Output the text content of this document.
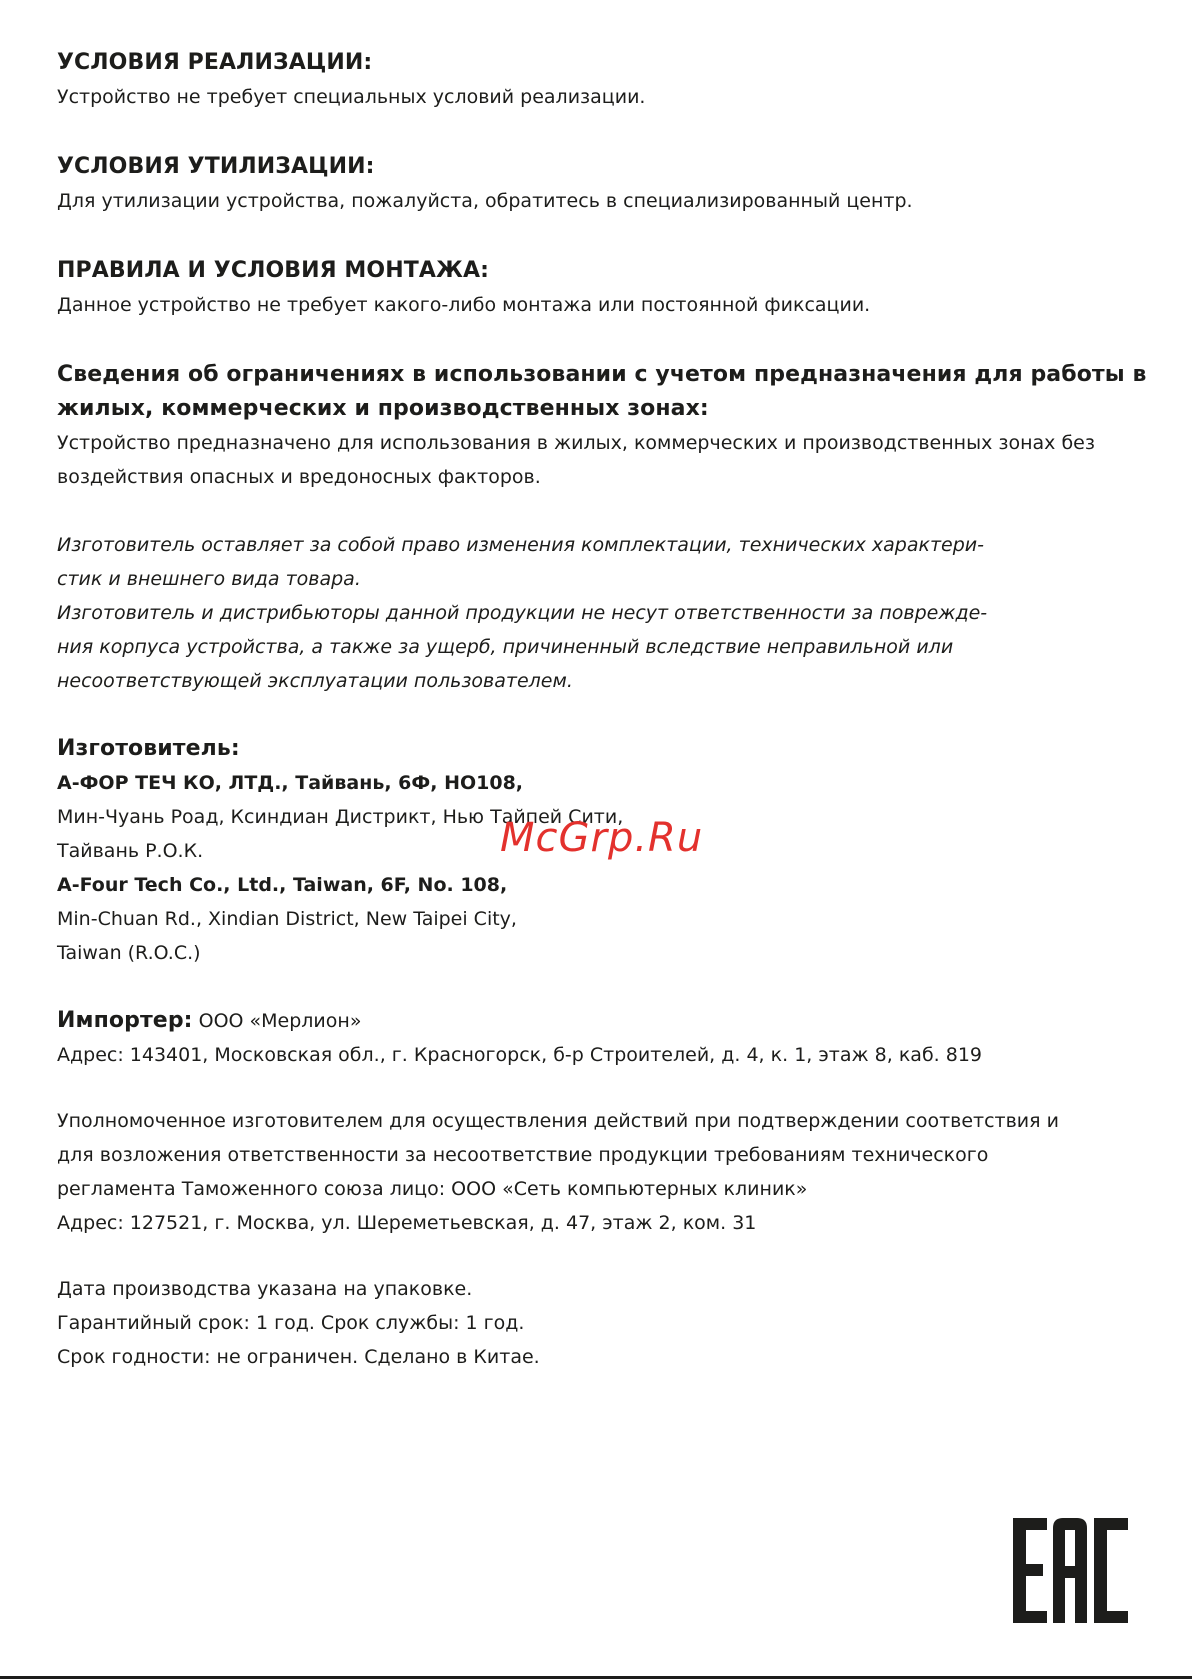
УСЛОВИЯ РЕАЛИЗАЦИИ:

Устройство не требует специальных условий реализации.

УСЛОВИЯ УТИЛИЗАЦИИ:

Для утилизации устройства, пожалуйста, обратитесь в специализированный центр.

ПРАВИЛА И УСЛОВИЯ МОНТАЖА:

Данное устройство не требует какого-либо монтажа или постоянной фиксации.

Сведения об ограничениях в использовании с учетом предназначения для работы в
жилых, коммерческих и производственных зонах:

Устройство предназначено для использования в жилых, коммерческих и производственных зонах без
воздействия опасных и вредоносных факторов.

Изготовитель оставляет за собой право изменения комплектации, технических характери-
стик и внешнего вида товара.
Изготовитель и дистрибьюторы данной продукции не несут ответственности за поврежде-
ния корпуса устройства, а также за ущерб, причиненный вследствие неправильной или
несоответствующей эксплуатации пользователем.

Изготовитель:

А-ФОР ТЕЧ КО, ЛТД., Тайвань, 6Ф, НО108,
Мин-Чуань Роад, Ксиндиан Дистрикт, Нью Тайпей Сити,
Тайвань Р.О.К.
A-Four Tech Co., Ltd., Taiwan, 6F, No. 108,
Min-Chuan Rd., Xindian District, New Taipei City,
Taiwan (R.O.C.)

Импортер: ООО «Мерлион»

Адрес: 143401, Московская обл., г. Красногорск, б-р Строителей, д. 4, к. 1, этаж 8, каб. 819

Уполномоченное изготовителем для осуществления действий при подтверждении соответствия и
для возложения ответственности за несоответствие продукции требованиям технического
регламента Таможенного союза лицо: ООО «Сеть компьютерных клиник»
Адрес: 127521, г. Москва, ул. Шереметьевская, д. 47, этаж 2, ком. 31

Дата производства указана на упаковке.
Гарантийный срок: 1 год. Срок службы: 1 год.
Срок годности: не ограничен. Сделано в Китае.

McGrp.Ru
